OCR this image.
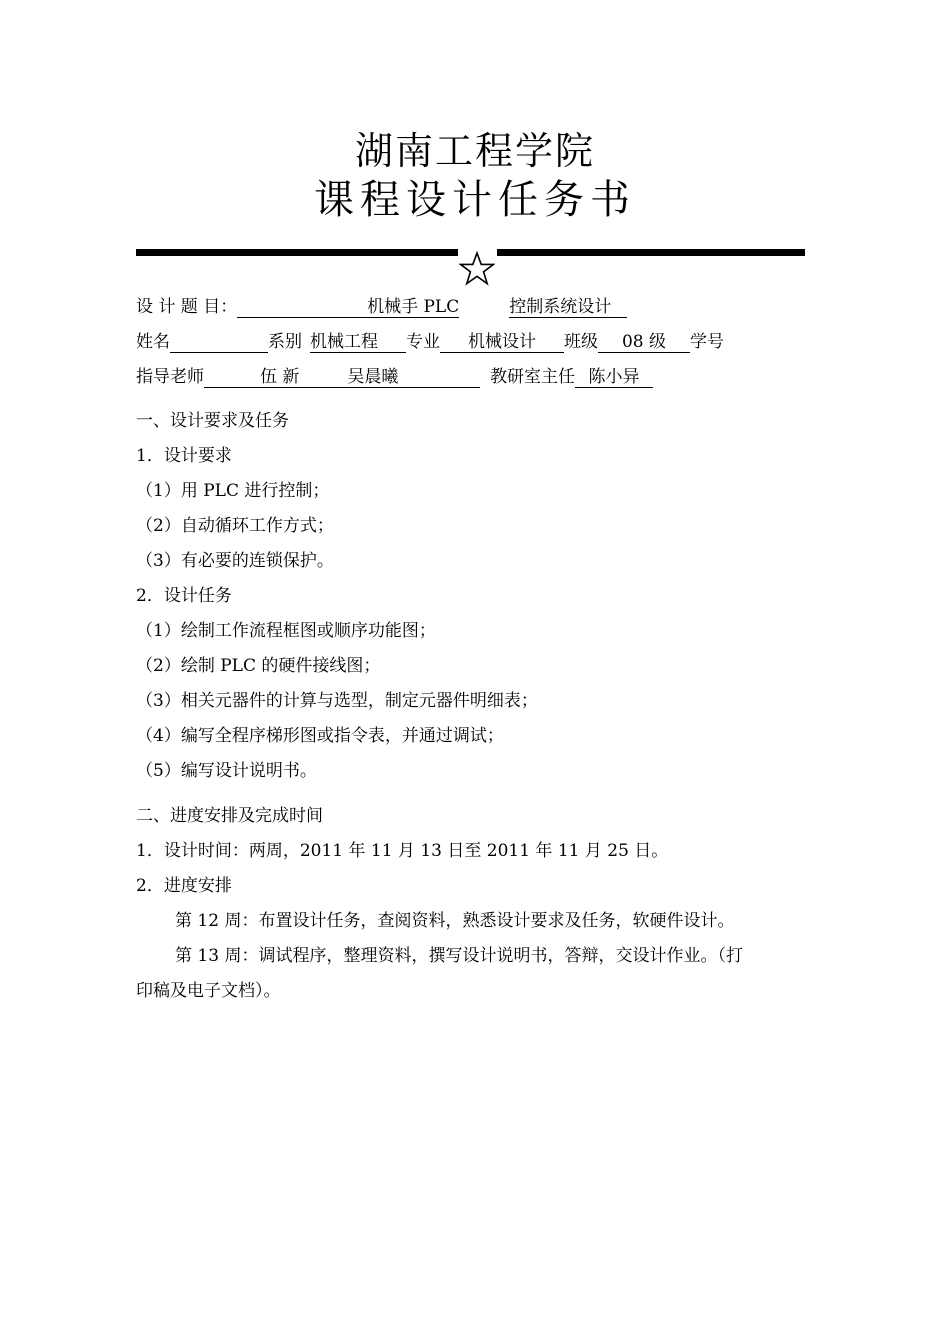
湖南工程学院
课程设计任务书
设 计 题 目：	机械手 PLC	控制系统设计
姓名	系别 机械工程 专业 机械设计 班级 08 级 学号
指导老师	伍 新	吴晨曦	教研室主任 陈小异
一、设计要求及任务
1．设计要求
（1）用 PLC 进行控制；
（2）自动循环工作方式；
（3）有必要的连锁保护。
2．设计任务
（1）绘制工作流程框图或顺序功能图；
（2）绘制 PLC 的硬件接线图；
（3）相关元器件的计算与选型，制定元器件明细表；
（4）编写全程序梯形图或指令表，并通过调试；
（5）编写设计说明书。
二、进度安排及完成时间
1．设计时间：两周，2011 年 11 月 13 日至 2011 年 11 月 25 日。
2．进度安排
第 12 周：布置设计任务，查阅资料，熟悉设计要求及任务，软硬件设计。
第 13 周：调试程序，整理资料，撰写设计说明书，答辩，交设计作业。（打
印稿及电子文档）。
